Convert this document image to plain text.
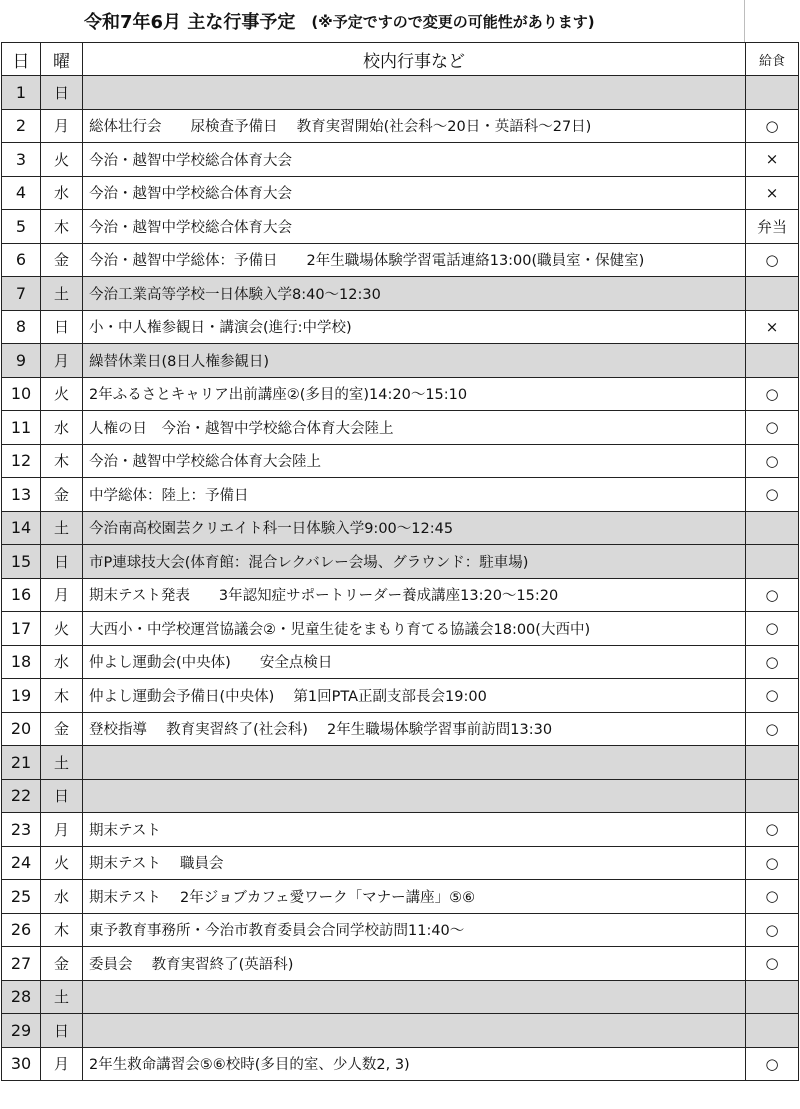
令和7年6月 主な行事予定 (※予定ですので変更の可能性があります)
日	曜	校内行事など	給食
1	日		
2	月	総体壮行会　　尿検査予備日　 教育実習開始(社会科～20日・英語科～27日)	○
3	火	今治・越智中学校総合体育大会	×
4	水	今治・越智中学校総合体育大会	×
5	木	今治・越智中学校総合体育大会	弁当
6	金	今治・越智中学総体：予備日　　2年生職場体験学習電話連絡13:00(職員室・保健室)	○
7	土	今治工業高等学校一日体験入学8:40～12:30	
8	日	小・中人権参観日・講演会(進行:中学校)	×
9	月	繰替休業日(8日人権参観日)	
10	火	2年ふるさとキャリア出前講座②(多目的室)14:20～15:10	○
11	水	人権の日　今治・越智中学校総合体育大会陸上	○
12	木	今治・越智中学校総合体育大会陸上	○
13	金	中学総体：陸上：予備日	○
14	土	今治南高校園芸クリエイト科一日体験入学9:00～12:45	
15	日	市P連球技大会(体育館：混合レクバレー会場、グラウンド：駐車場)	
16	月	期末テスト発表　　3年認知症サポートリーダー養成講座13:20～15:20	○
17	火	大西小・中学校運営協議会②・児童生徒をまもり育てる協議会18:00(大西中)	○
18	水	仲よし運動会(中央体)　　安全点検日	○
19	木	仲よし運動会予備日(中央体)　 第1回PTA正副支部長会19:00	○
20	金	登校指導　 教育実習終了(社会科)　 2年生職場体験学習事前訪問13:30	○
21	土		
22	日		
23	月	期末テスト	○
24	火	期末テスト　 職員会	○
25	水	期末テスト　 2年ジョブカフェ愛ワーク「マナー講座」⑤⑥	○
26	木	東予教育事務所・今治市教育委員会合同学校訪問11:40～	○
27	金	委員会　 教育実習終了(英語科)	○
28	土		
29	日		
30	月	2年生救命講習会⑤⑥校時(多目的室、少人数2, 3)	○
